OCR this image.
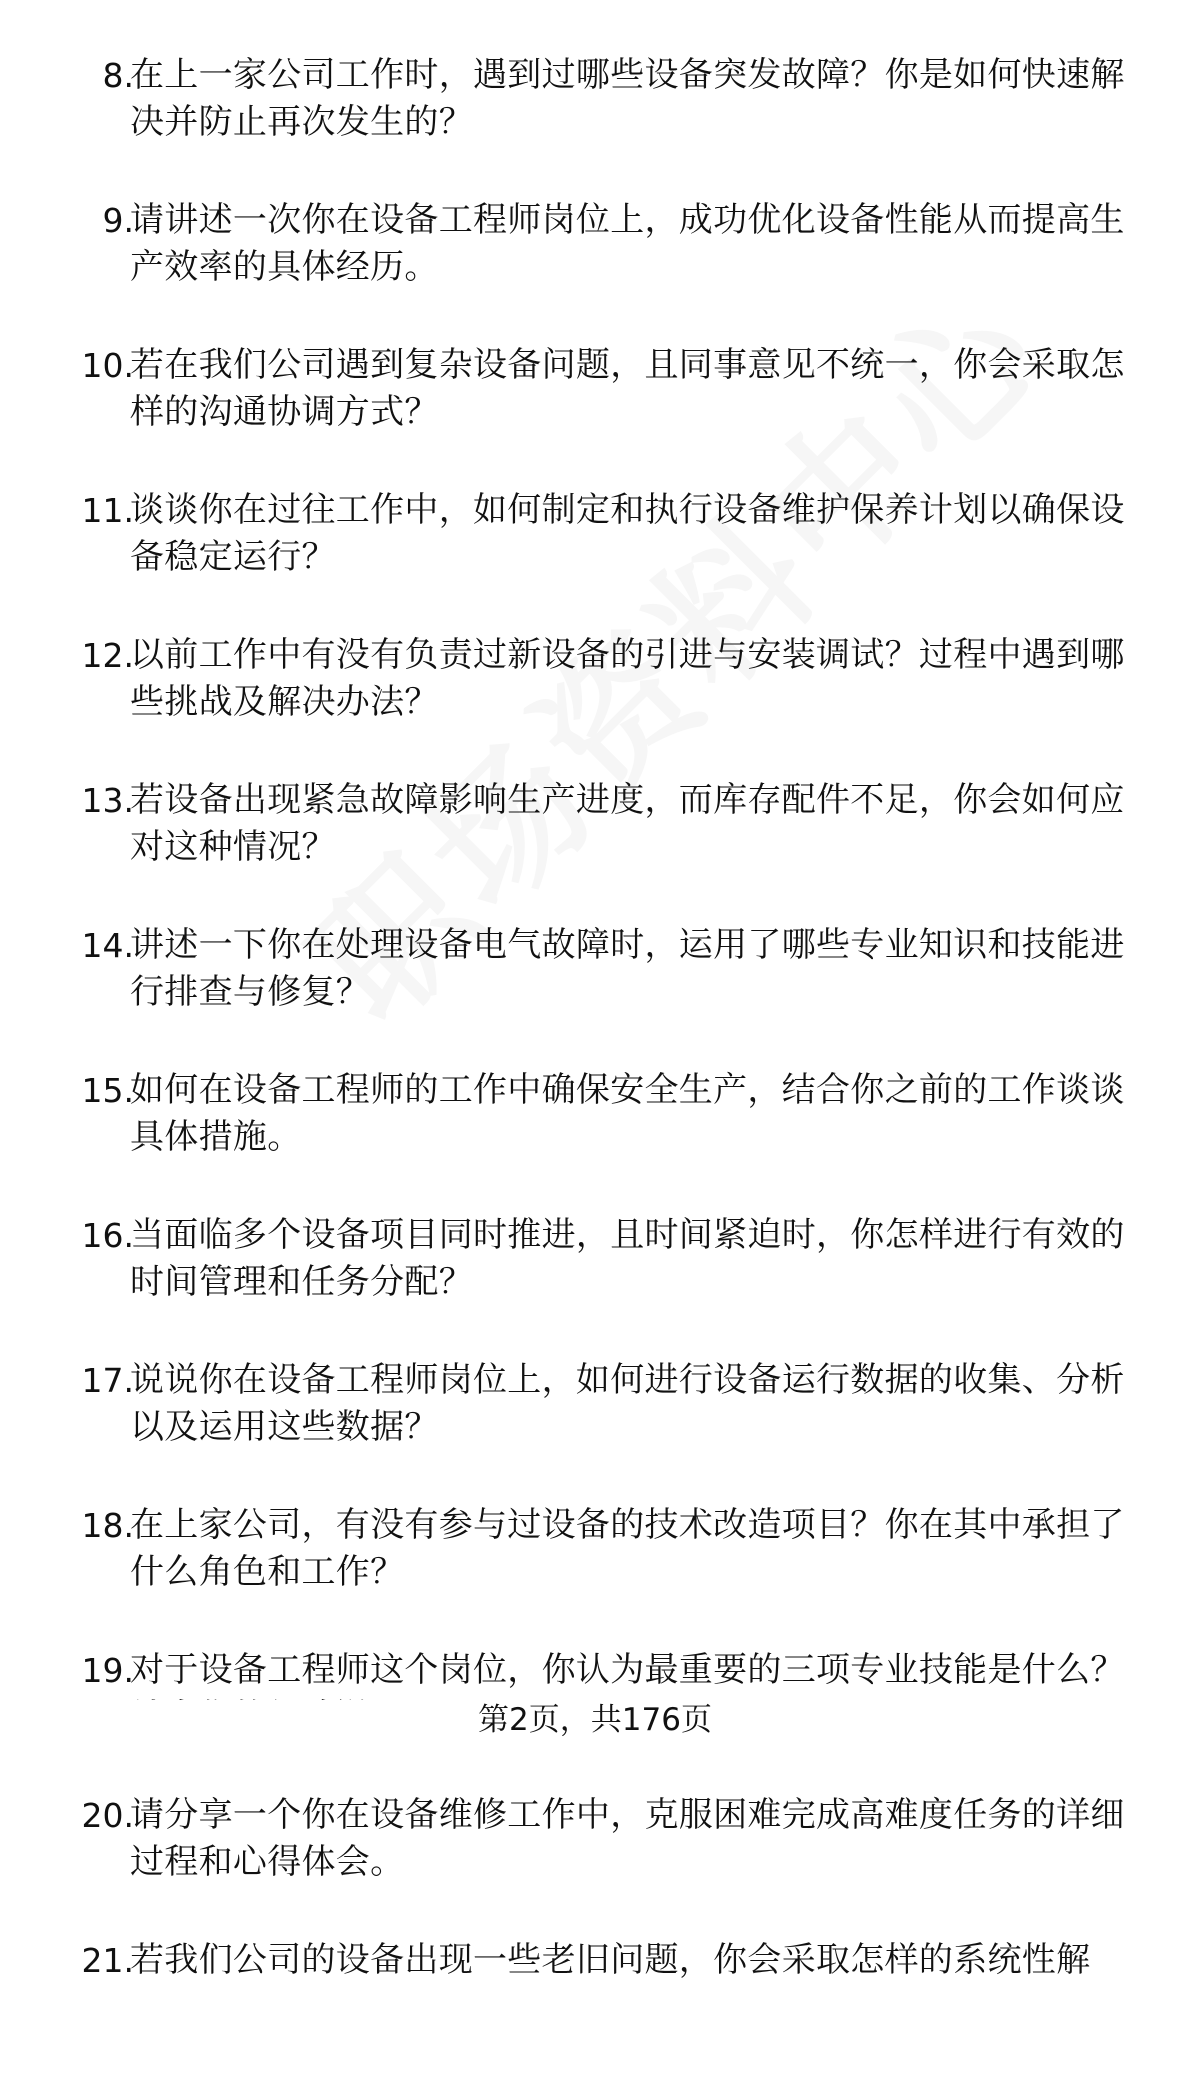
8.
在上一家公司工作时，遇到过哪些设备突发故障？你是如何快速解决并防止再次发生的？
9.
请讲述一次你在设备工程师岗位上，成功优化设备性能从而提高生产效率的具体经历。
10.
若在我们公司遇到复杂设备问题，且同事意见不统一，你会采取怎样的沟通协调方式？
11.
谈谈你在过往工作中，如何制定和执行设备维护保养计划以确保设备稳定运行？
12.
以前工作中有没有负责过新设备的引进与安装调试？过程中遇到哪些挑战及解决办法？
13.
若设备出现紧急故障影响生产进度，而库存配件不足，你会如何应对这种情况？
14.
讲述一下你在处理设备电气故障时，运用了哪些专业知识和技能进行排查与修复？
15.
如何在设备工程师的工作中确保安全生产，结合你之前的工作谈谈具体措施。
16.
当面临多个设备项目同时推进，且时间紧迫时，你怎样进行有效的时间管理和任务分配？
17.
说说你在设备工程师岗位上，如何进行设备运行数据的收集、分析以及运用这些数据？
18.
在上家公司，有没有参与过设备的技术改造项目？你在其中承担了什么角色和工作？
19.
对于设备工程师这个岗位，你认为最重要的三项专业技能是什么？
20.
请分享一个你在设备维修工作中，克服困难完成高难度任务的详细过程和心得体会。
21.
若我们公司的设备出现一些老旧问题，你会采取怎样的系统性解
第2页，共176页
